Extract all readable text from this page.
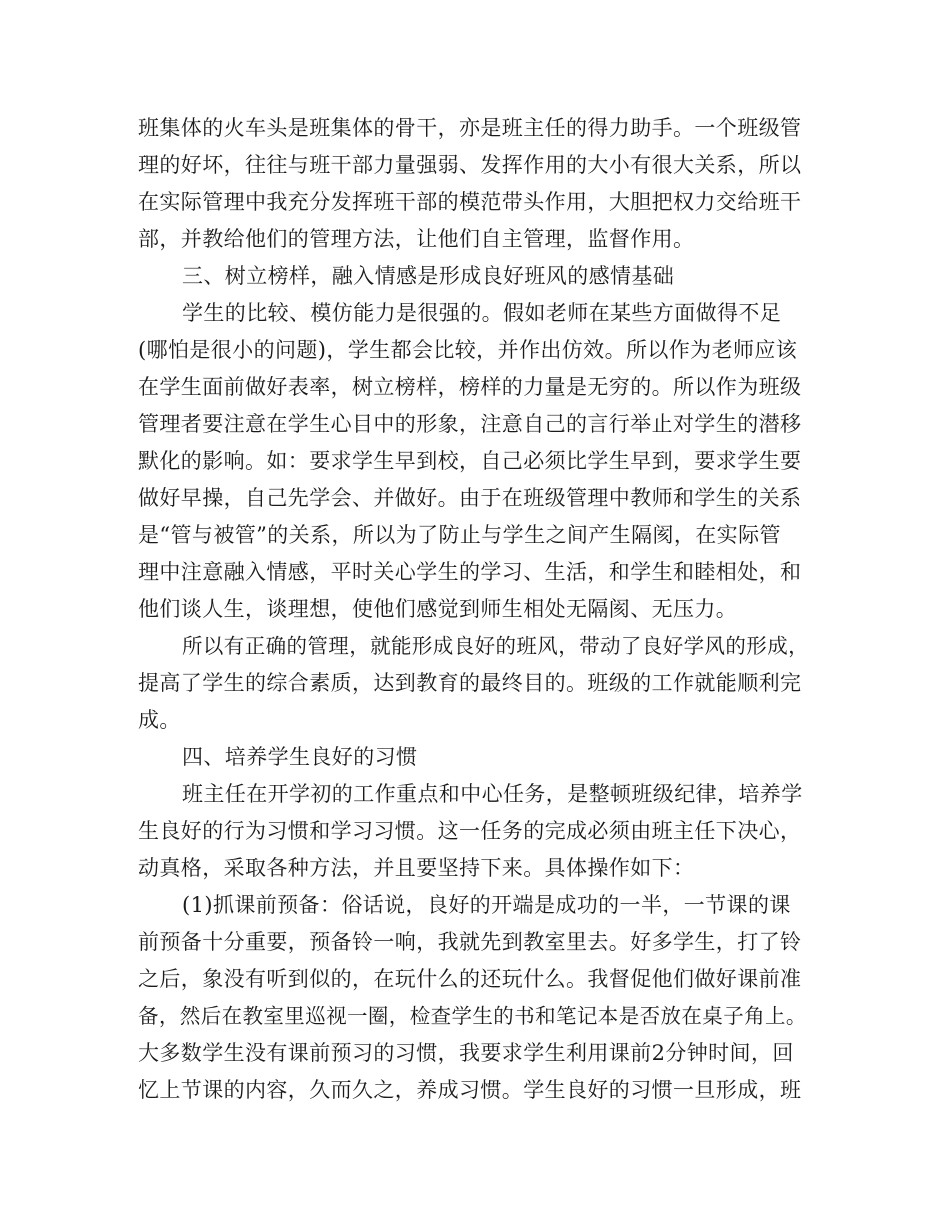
班集体的火车头是班集体的骨干，亦是班主任的得力助手。一个班级管
理的好坏，往往与班干部力量强弱、发挥作用的大小有很大关系，所以
在实际管理中我充分发挥班干部的模范带头作用，大胆把权力交给班干
部，并教给他们的管理方法，让他们自主管理，监督作用。
三、树立榜样，融入情感是形成良好班风的感情基础
学生的比较、模仿能力是很强的。假如老师在某些方面做得不足
(哪怕是很小的问题)，学生都会比较，并作出仿效。所以作为老师应该
在学生面前做好表率，树立榜样，榜样的力量是无穷的。所以作为班级
管理者要注意在学生心目中的形象，注意自己的言行举止对学生的潜移
默化的影响。如：要求学生早到校，自己必须比学生早到，要求学生要
做好早操，自己先学会、并做好。由于在班级管理中教师和学生的关系
是“管与被管”的关系，所以为了防止与学生之间产生隔阂，在实际管
理中注意融入情感，平时关心学生的学习、生活，和学生和睦相处，和
他们谈人生，谈理想，使他们感觉到师生相处无隔阂、无压力。
所以有正确的管理，就能形成良好的班风，带动了良好学风的形成，
提高了学生的综合素质，达到教育的最终目的。班级的工作就能顺利完
成。
四、培养学生良好的习惯
班主任在开学初的工作重点和中心任务，是整顿班级纪律，培养学
生良好的行为习惯和学习习惯。这一任务的完成必须由班主任下决心，
动真格，采取各种方法，并且要坚持下来。具体操作如下：
(1)抓课前预备：俗话说，良好的开端是成功的一半，一节课的课
前预备十分重要，预备铃一响，我就先到教室里去。好多学生，打了铃
之后，象没有听到似的，在玩什么的还玩什么。我督促他们做好课前准
备，然后在教室里巡视一圈，检查学生的书和笔记本是否放在桌子角上。
大多数学生没有课前预习的习惯，我要求学生利用课前2分钟时间，回
忆上节课的内容，久而久之，养成习惯。学生良好的习惯一旦形成，班
